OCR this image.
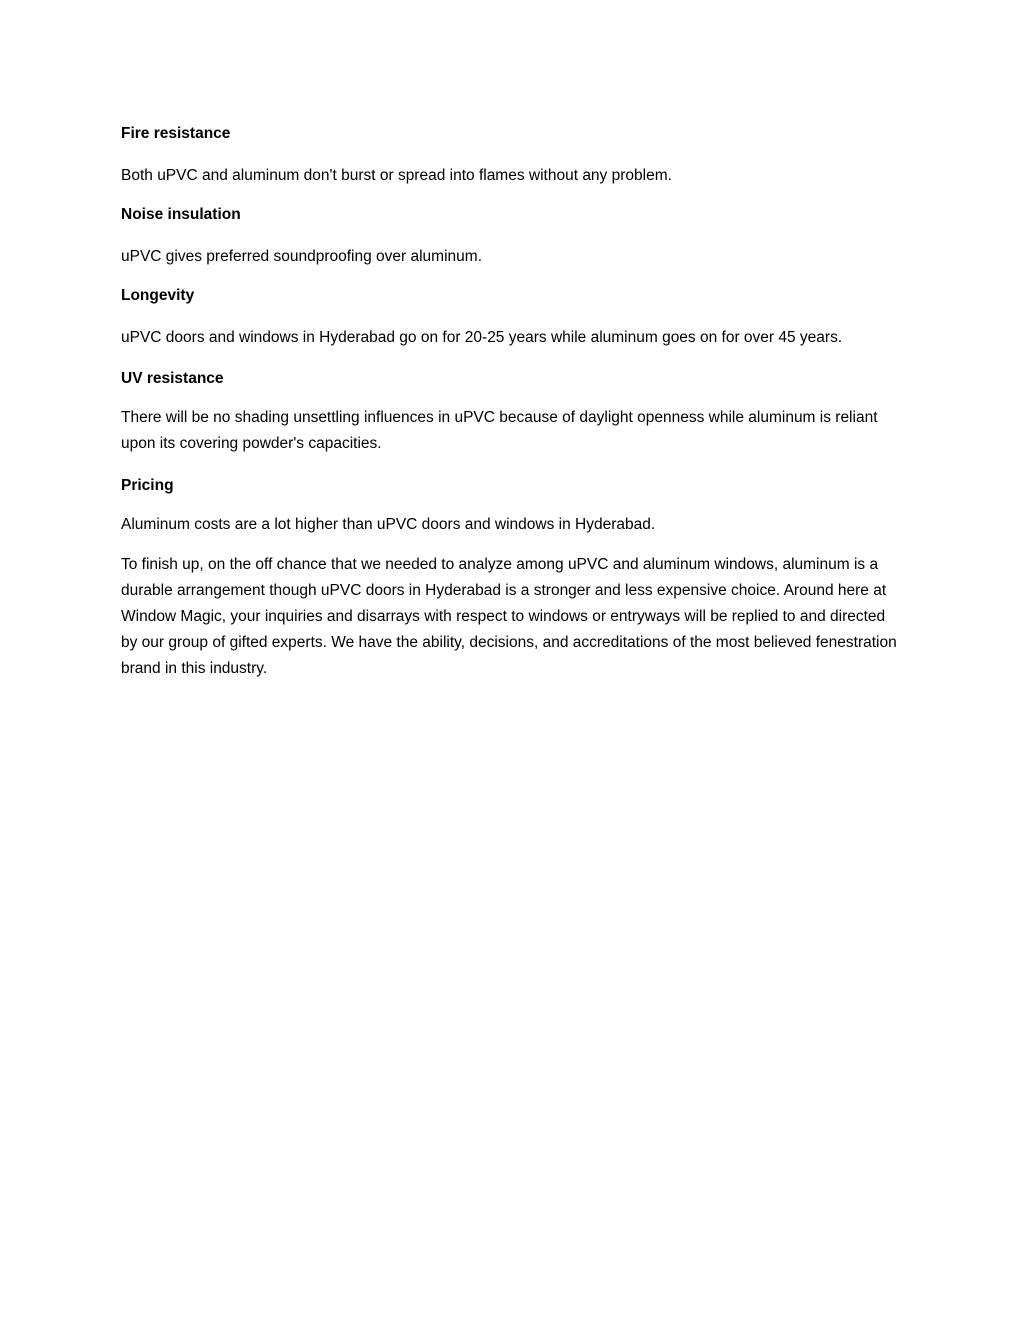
Fire resistance

Both uPVC and aluminum don't burst or spread into flames without any problem.

Noise insulation

uPVC gives preferred soundproofing over aluminum.

Longevity

uPVC doors and windows in Hyderabad go on for 20-25 years while aluminum goes on for over 45 years.

UV resistance

There will be no shading unsettling influences in uPVC because of daylight openness while aluminum is reliant upon its covering powder's capacities.

Pricing

Aluminum costs are a lot higher than uPVC doors and windows in Hyderabad.

To finish up, on the off chance that we needed to analyze among uPVC and aluminum windows, aluminum is a durable arrangement though uPVC doors in Hyderabad is a stronger and less expensive choice. Around here at Window Magic, your inquiries and disarrays with respect to windows or entryways will be replied to and directed by our group of gifted experts. We have the ability, decisions, and accreditations of the most believed fenestration brand in this industry.
